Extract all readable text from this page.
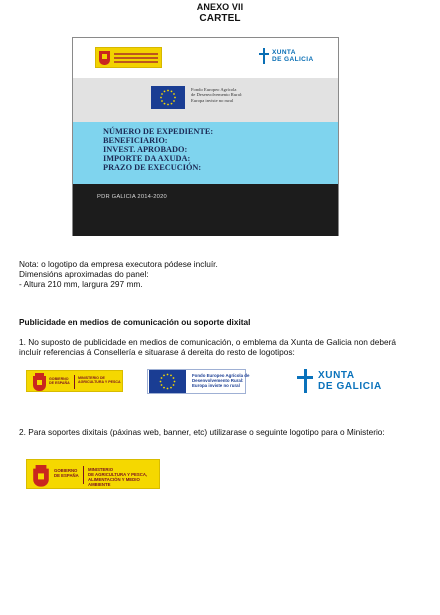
ANEXO VII
CARTEL
XUNTA
DE GALICIA
Fondo Europeo Agrícola
de Desenvolvemento Rural:
Europa inviste no rural
NÚMERO DE EXPEDIENTE:
BENEFICIARIO:
INVEST. APROBADO:
IMPORTE DA AXUDA:
PRAZO DE EXECUCIÓN:
PDR GALICIA 2014-2020
Nota: o logotipo da empresa executora pódese incluír.
Dimensións aproximadas do panel:
- Altura 210 mm, largura 297 mm.
Publicidade en medios de comunicación ou soporte dixital
1. No suposto de publicidade en medios de comunicación, o emblema da Xunta de Galicia non deberá incluír referencias á Consellería e situarase á dereita do resto de logotipos:
GOBIERNO
DE ESPAÑA
MINISTERIO DE AGRICULTURA Y PESCA
Fondo Europeo Agrícola de
Desenvolvemento Rural:
Europa inviste no rural
XUNTA
DE GALICIA
2. Para soportes dixitais (páxinas web, banner, etc) utilizarase o seguinte logotipo para o Ministerio:
GOBIERNO
DE ESPAÑA
MINISTERIO
DE AGRICULTURA Y PESCA,
ALIMENTACIÓN Y MEDIO AMBIENTE
